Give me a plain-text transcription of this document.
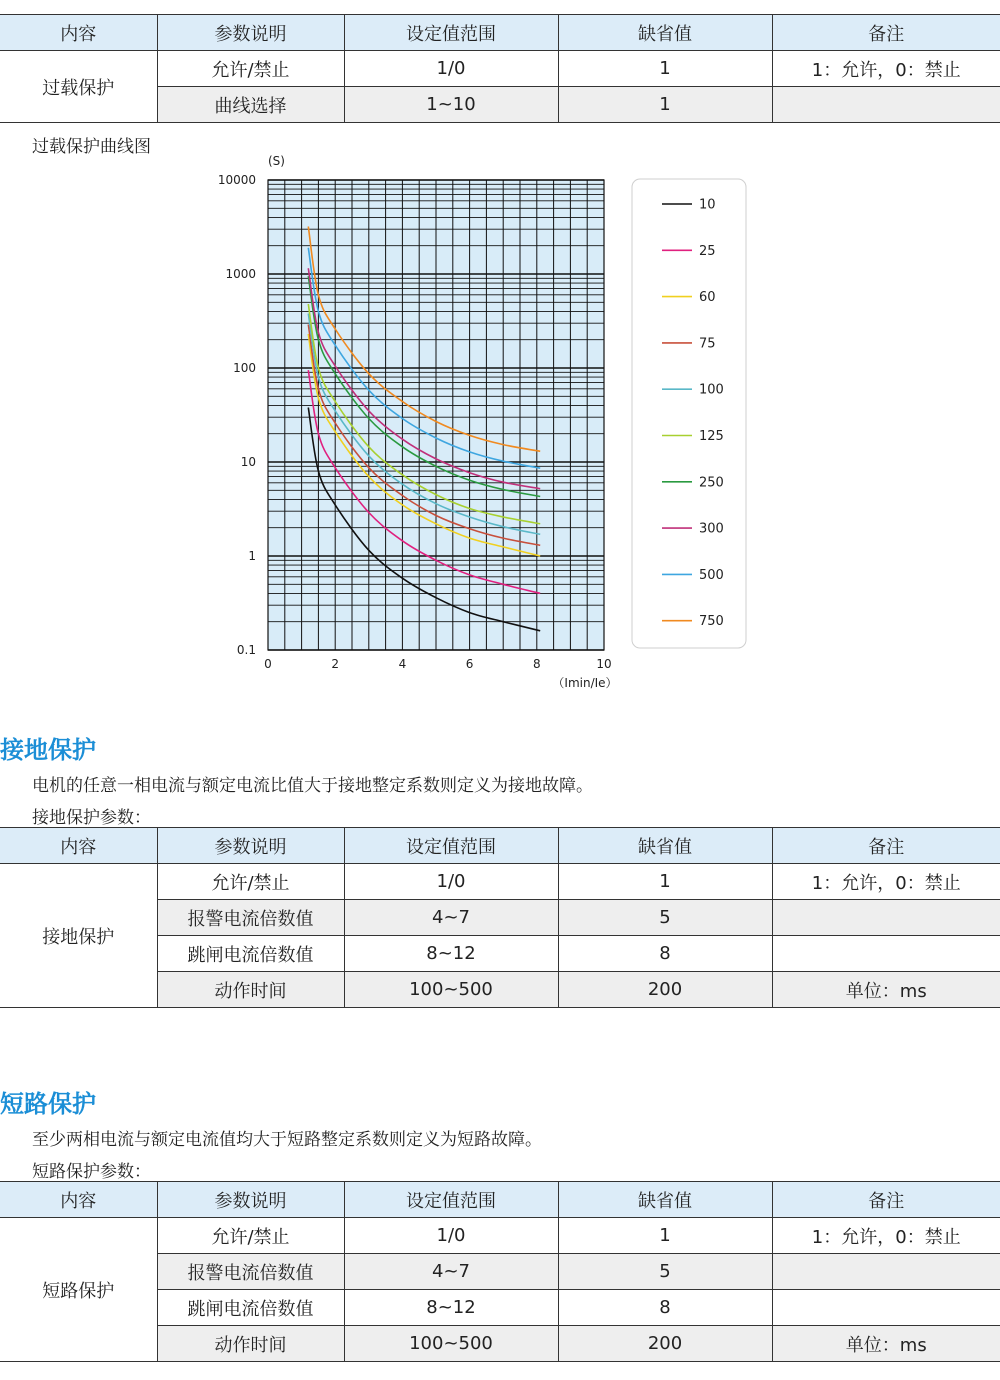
内容	参数说明	设定值范围	缺省值	备注
过载保护	允许/禁止	1/0	1	1：允许，0：禁止
	曲线选择	1~10	1	
过载保护曲线图
(S)
（Imin/Ie）
0	2	4	6	8	10
0.1
1
10
100
1000
10000
10
25
60
75
100
125
250
300
500
750
接地保护

电机的任意一相电流与额定电流比值大于接地整定系数则定义为接地故障。

接地保护参数：

内容	参数说明	设定值范围	缺省值	备注
接地保护	允许/禁止	1/0	1	1：允许，0：禁止
	报警电流倍数值	4~7	5	
	跳闸电流倍数值	8~12	8	
	动作时间	100~500	200	单位：ms
短路保护

至少两相电流与额定电流值均大于短路整定系数则定义为短路故障。

短路保护参数：

内容	参数说明	设定值范围	缺省值	备注
短路保护	允许/禁止	1/0	1	1：允许，0：禁止
	报警电流倍数值	4~7	5	
	跳闸电流倍数值	8~12	8	
	动作时间	100~500	200	单位：ms
